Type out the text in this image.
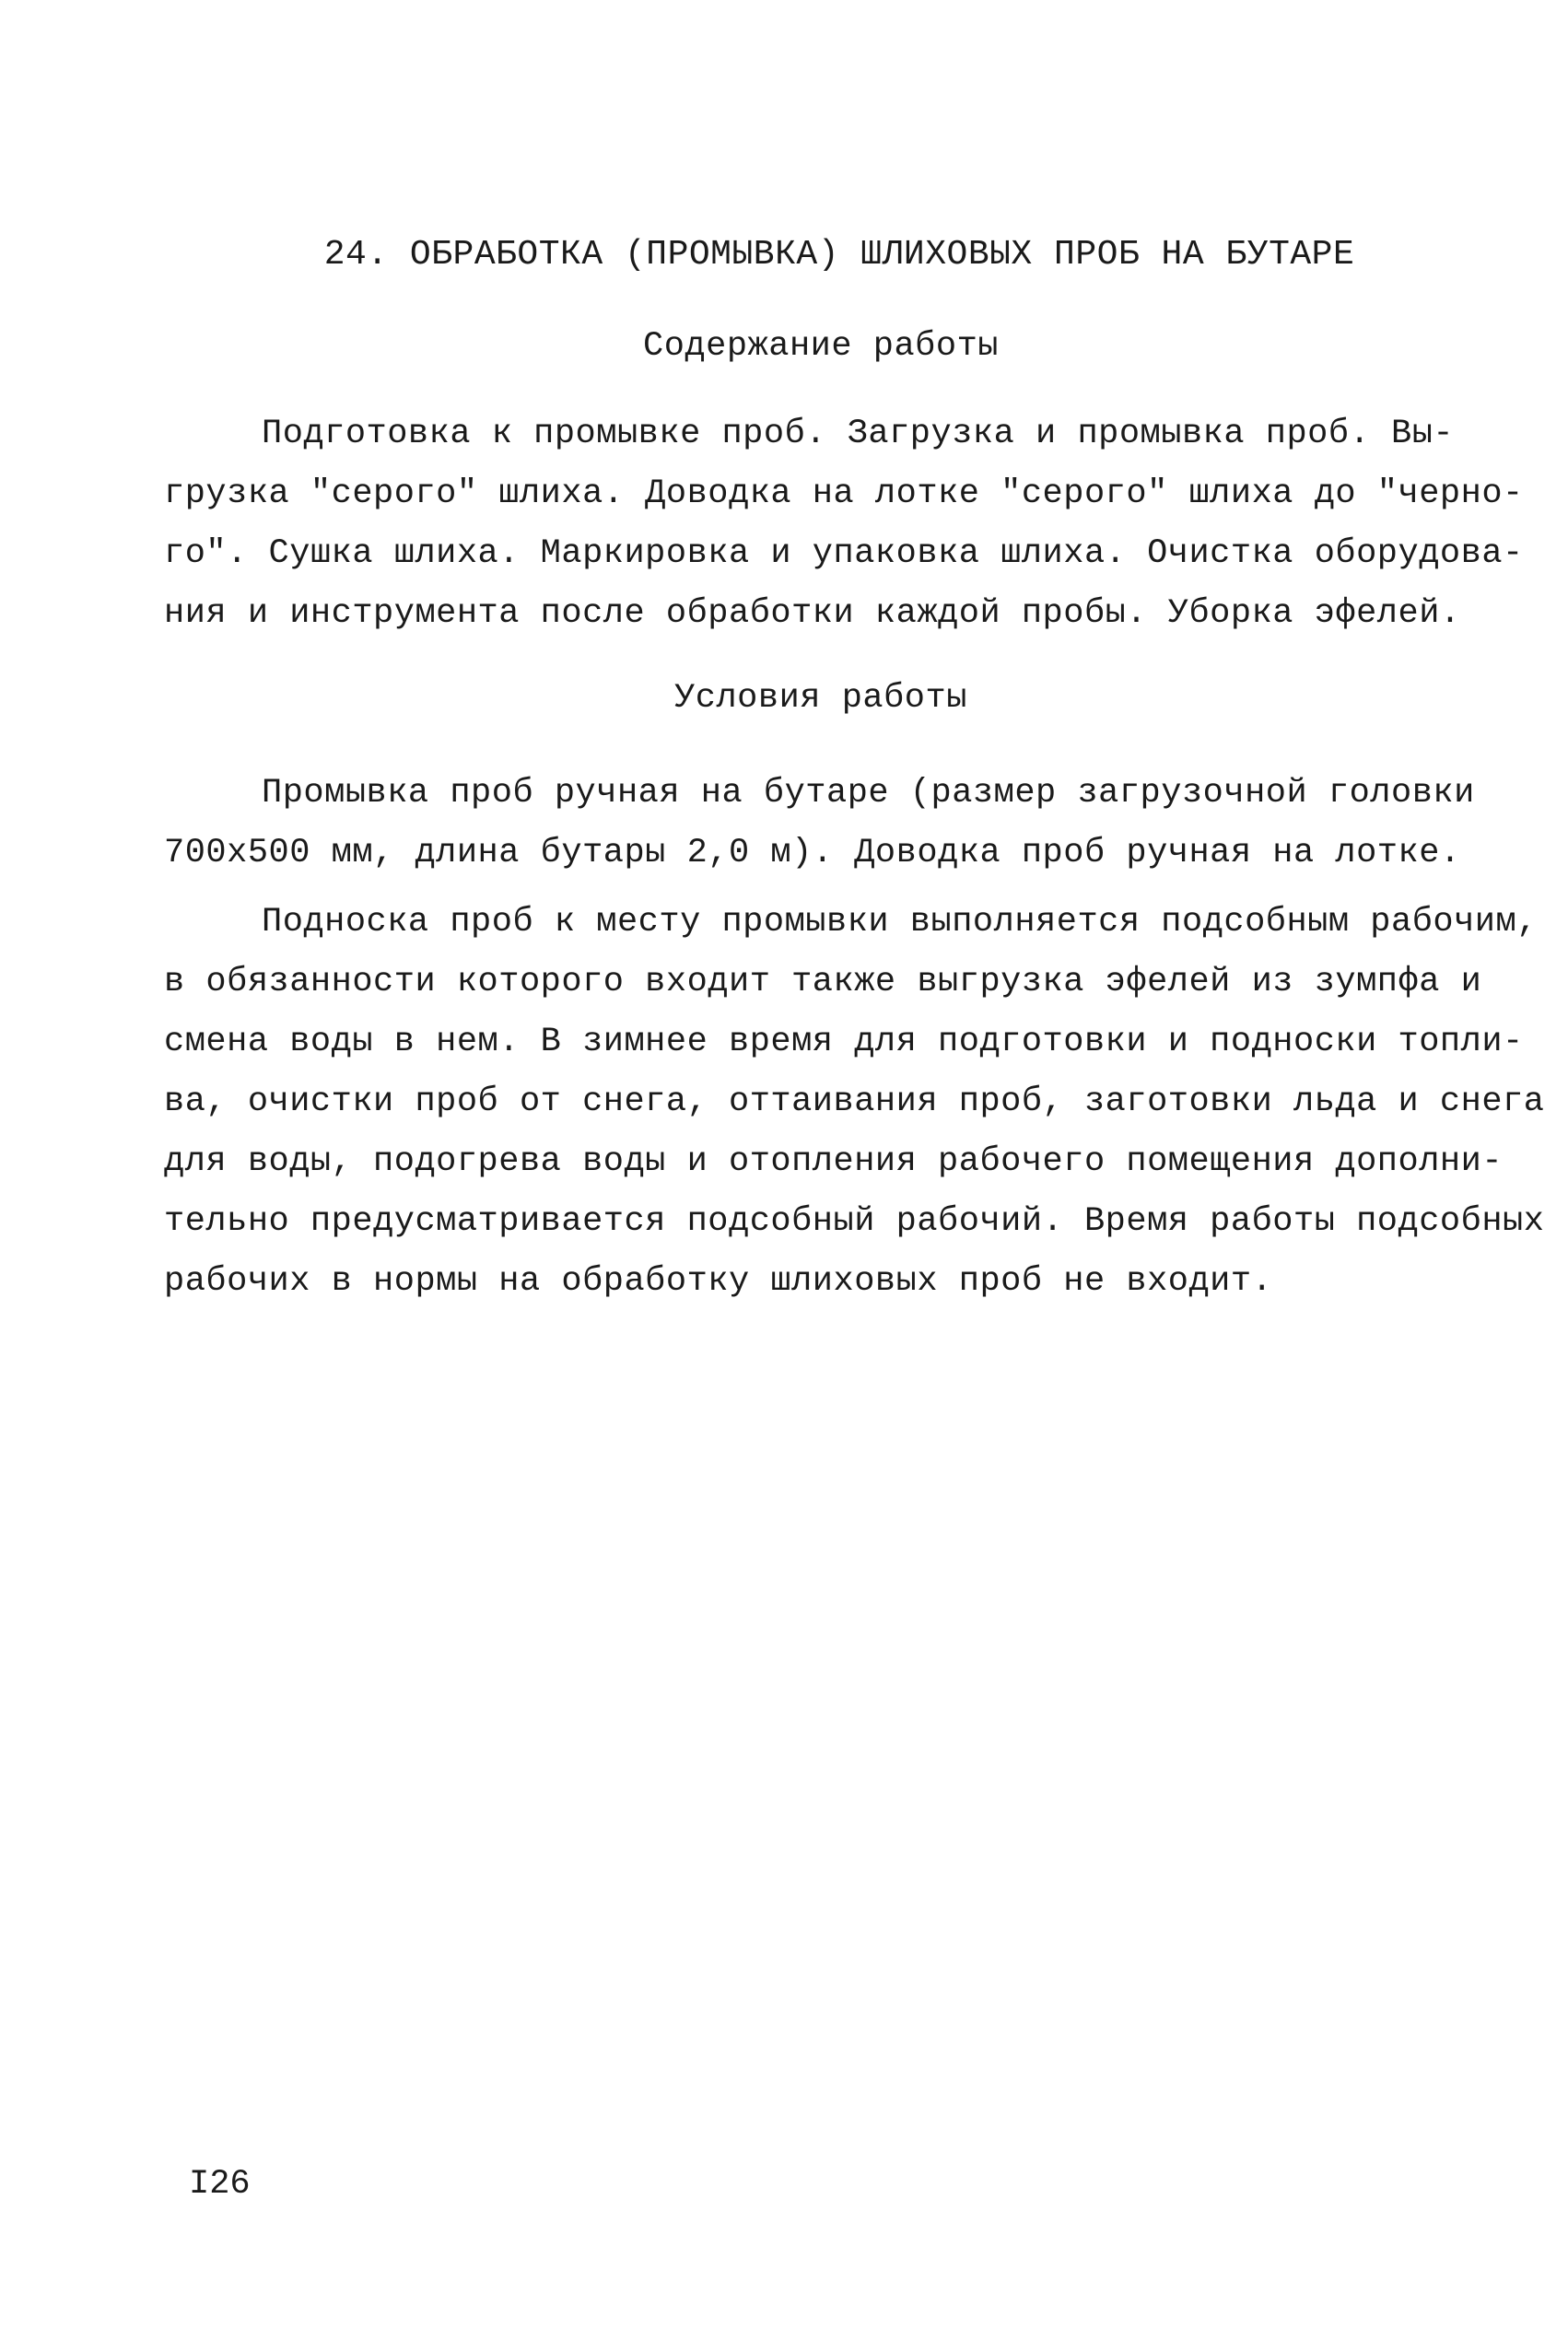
24. ОБРАБОТКА (ПРОМЫВКА) ШЛИХОВЫХ ПРОБ НА БУТАРЕ
Содержание работы
Подготовка к промывке проб. Загрузка и промывка проб. Вы-
грузка "серого" шлиха. Доводка на лотке "серого" шлиха до "черно-
го". Сушка шлиха. Маркировка и упаковка шлиха. Очистка оборудова-
ния и инструмента после обработки каждой пробы. Уборка эфелей.
Условия работы
Промывка проб ручная на бутаре (размер загрузочной головки
700х500 мм, длина бутары 2,0 м). Доводка проб ручная на лотке.
Подноска проб к месту промывки выполняется подсобным рабочим,
в обязанности которого входит также выгрузка эфелей из зумпфа и
смена воды в нем. В зимнее время для подготовки и подноски топли-
ва, очистки проб от снега, оттаивания проб, заготовки льда и снега
для воды, подогрева воды и отопления рабочего помещения дополни-
тельно предусматривается подсобный рабочий. Время работы подсобных
рабочих в нормы на обработку шлиховых проб не входит.
I26
